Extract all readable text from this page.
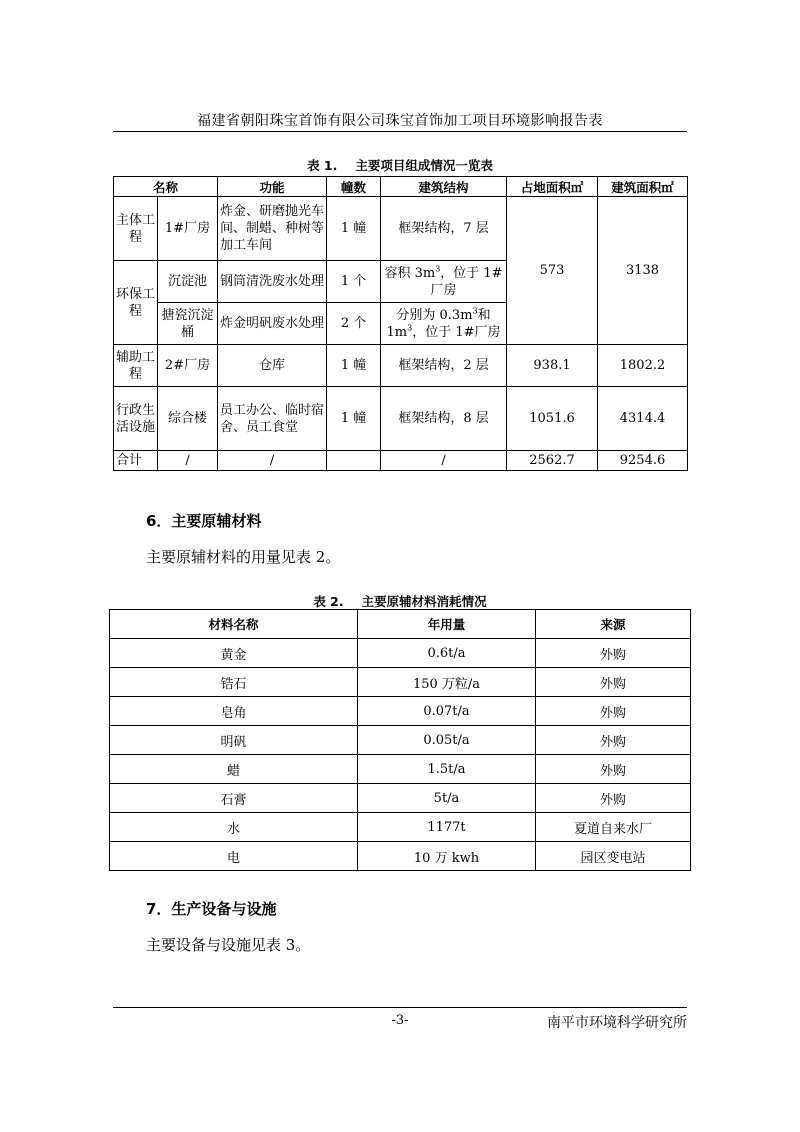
福建省朝阳珠宝首饰有限公司珠宝首饰加工项目环境影响报告表
表 1. 主要项目组成情况一览表
名称		功能	幢数	建筑结构	占地面积㎡	建筑面积㎡
主体工程	1#厂房	炸金、研磨抛光车间、制蜡、种树等加工车间	1 幢	框架结构，7 层	573	3138
环保工程	沉淀池	钢筒清洗废水处理	1 个	容积 $3m^3$，位于 1#厂房		
	搪瓷沉淀桶	炸金明矾废水处理	2 个	分别为 $0.3m^3$和 $1m^3$，位于 1#厂房		
辅助工程	2#厂房	仓库	1 幢	框架结构，2 层	938.1	1802.2
行政生活设施	综合楼	员工办公、临时宿舍、员工食堂	1 幢	框架结构，8 层	1051.6	4314.4
合计	/	/		/	2562.7	9254.6
6．主要原辅材料
主要原辅材料的用量见表 2。
表 2. 主要原辅材料消耗情况
材料名称	年用量	来源
黄金	0.6t/a	外购
锆石	150 万粒/a	外购
皂角	0.07t/a	外购
明矾	0.05t/a	外购
蜡	1.5t/a	外购
石膏	5t/a	外购
水	1177t	夏道自来水厂
电	10 万 kwh	园区变电站
7．生产设备与设施
主要设备与设施见表 3。
-3-	南平市环境科学研究所
